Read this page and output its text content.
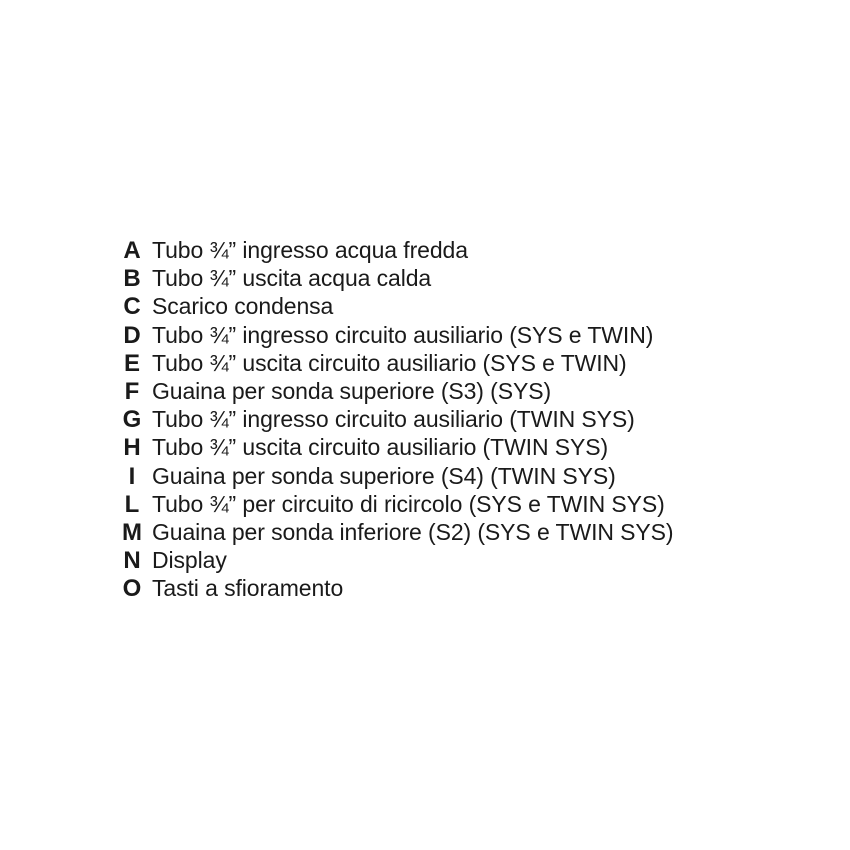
A Tubo ¾” ingresso acqua fredda
B Tubo ¾” uscita acqua calda
C Scarico condensa
D Tubo ¾” ingresso circuito ausiliario (SYS e TWIN)
E Tubo ¾” uscita circuito ausiliario (SYS e TWIN)
F Guaina per sonda superiore (S3) (SYS)
G Tubo ¾” ingresso circuito ausiliario (TWIN SYS)
H Tubo ¾” uscita circuito ausiliario (TWIN SYS)
I Guaina per sonda superiore (S4) (TWIN SYS)
L Tubo ¾” per circuito di ricircolo (SYS e TWIN SYS)
M Guaina per sonda inferiore (S2) (SYS e TWIN SYS)
N Display
O Tasti a sfioramento
